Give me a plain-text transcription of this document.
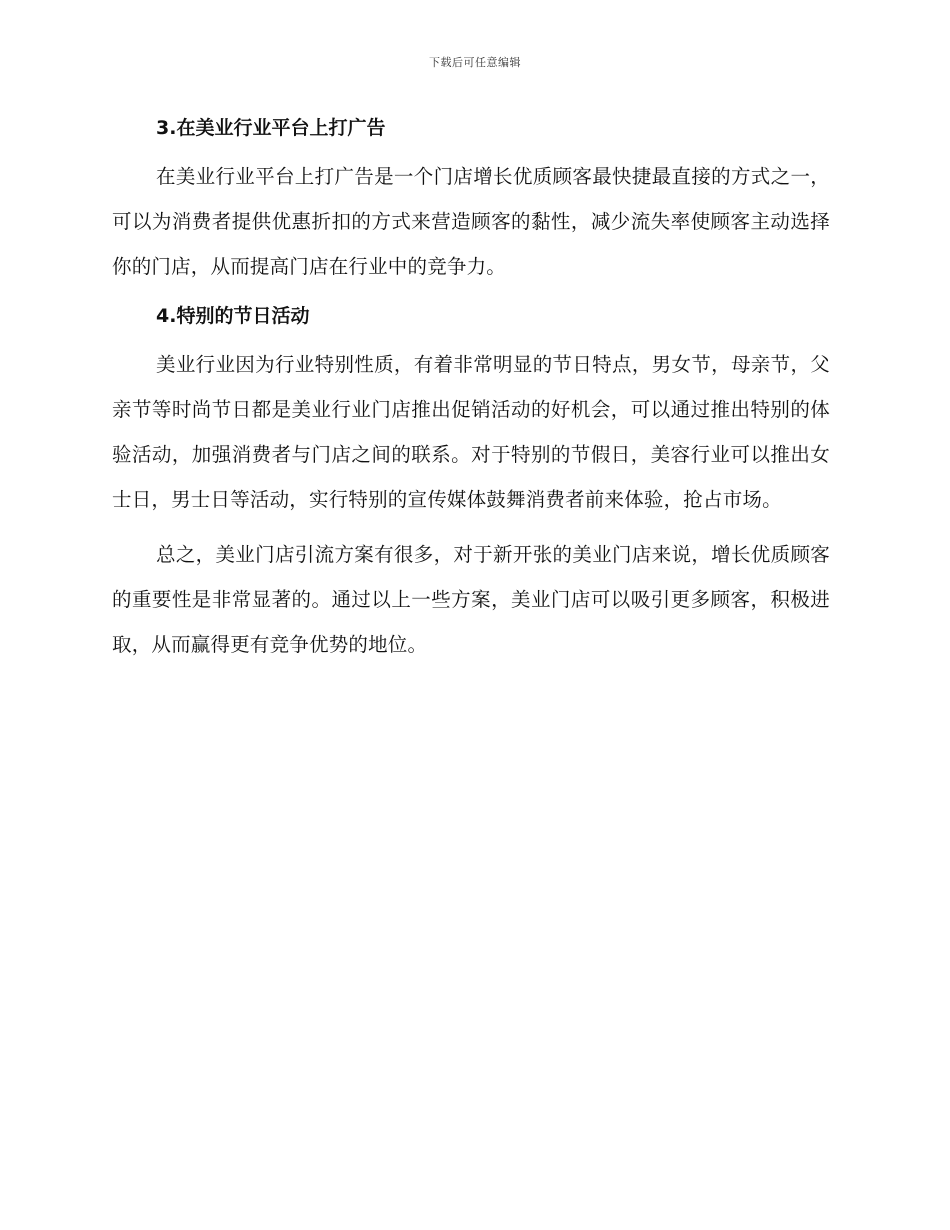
下载后可任意编辑
3.在美业行业平台上打广告

在美业行业平台上打广告是一个门店增长优质顾客最快捷最直接的方式之一，可以为消费者提供优惠折扣的方式来营造顾客的黏性，减少流失率使顾客主动选择你的门店，从而提高门店在行业中的竞争力。

4.特别的节日活动

美业行业因为行业特别性质，有着非常明显的节日特点，男女节，母亲节，父亲节等时尚节日都是美业行业门店推出促销活动的好机会，可以通过推出特别的体验活动，加强消费者与门店之间的联系。对于特别的节假日，美容行业可以推出女士日，男士日等活动，实行特别的宣传媒体鼓舞消费者前来体验，抢占市场。

总之，美业门店引流方案有很多，对于新开张的美业门店来说，增长优质顾客的重要性是非常显著的。通过以上一些方案，美业门店可以吸引更多顾客，积极进取，从而赢得更有竞争优势的地位。
